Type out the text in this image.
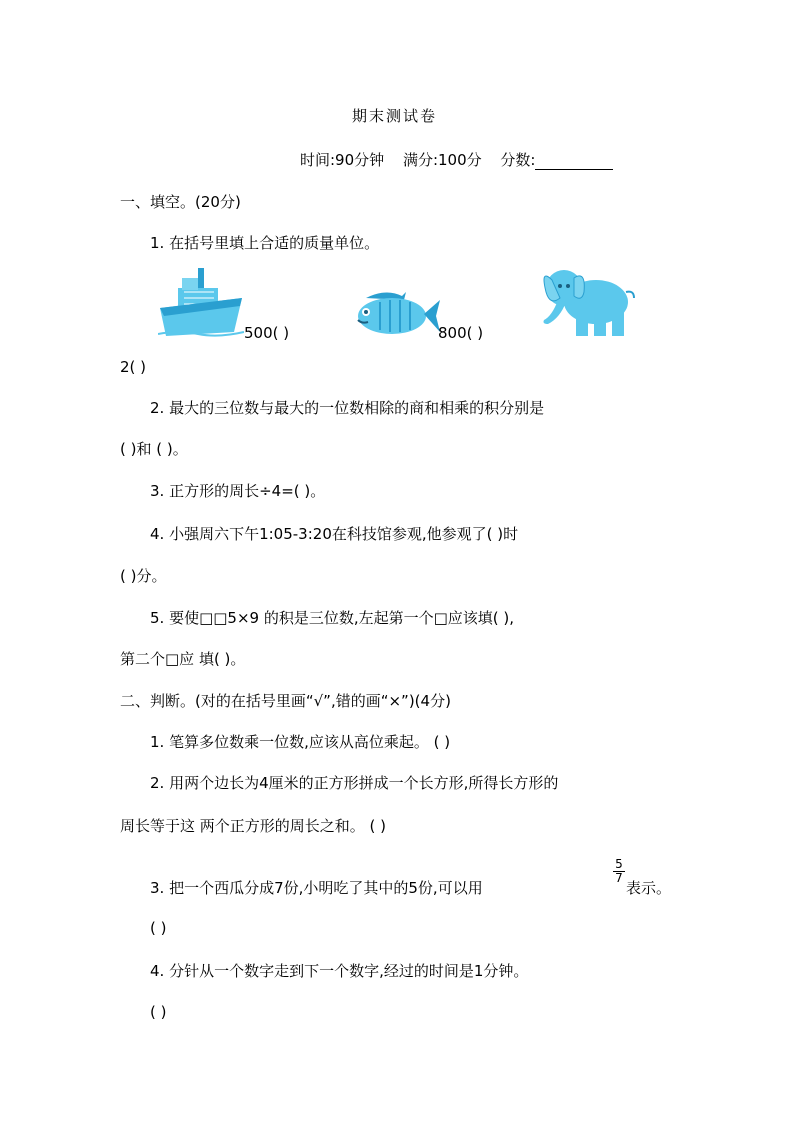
期末测试卷
时间:90分钟 满分:100分 分数:
一、填空。(20分)
1. 在括号里填上合适的质量单位。
500( )	800( )
2( )
2. 最大的三位数与最大的一位数相除的商和相乘的积分别是
( )和 ( )。
3. 正方形的周长÷4=( )。
4. 小强周六下午1:05-3:20在科技馆参观,他参观了( )时
( )分。
5. 要使□□5×9 的积是三位数,左起第一个□应该填( ),
第二个□应 填( )。
二、判断。(对的在括号里画“√”,错的画“×”)(4分)
1. 笔算多位数乘一位数,应该从高位乘起。 ( )
2. 用两个边长为4厘米的正方形拼成一个长方形,所得长方形的
周长等于这 两个正方形的周长之和。 ( )
3. 把一个西瓜分成7份,小明吃了其中的5份,可以用
$\frac{5}{7}$
表示。
( )
4. 分针从一个数字走到下一个数字,经过的时间是1分钟。
( )
